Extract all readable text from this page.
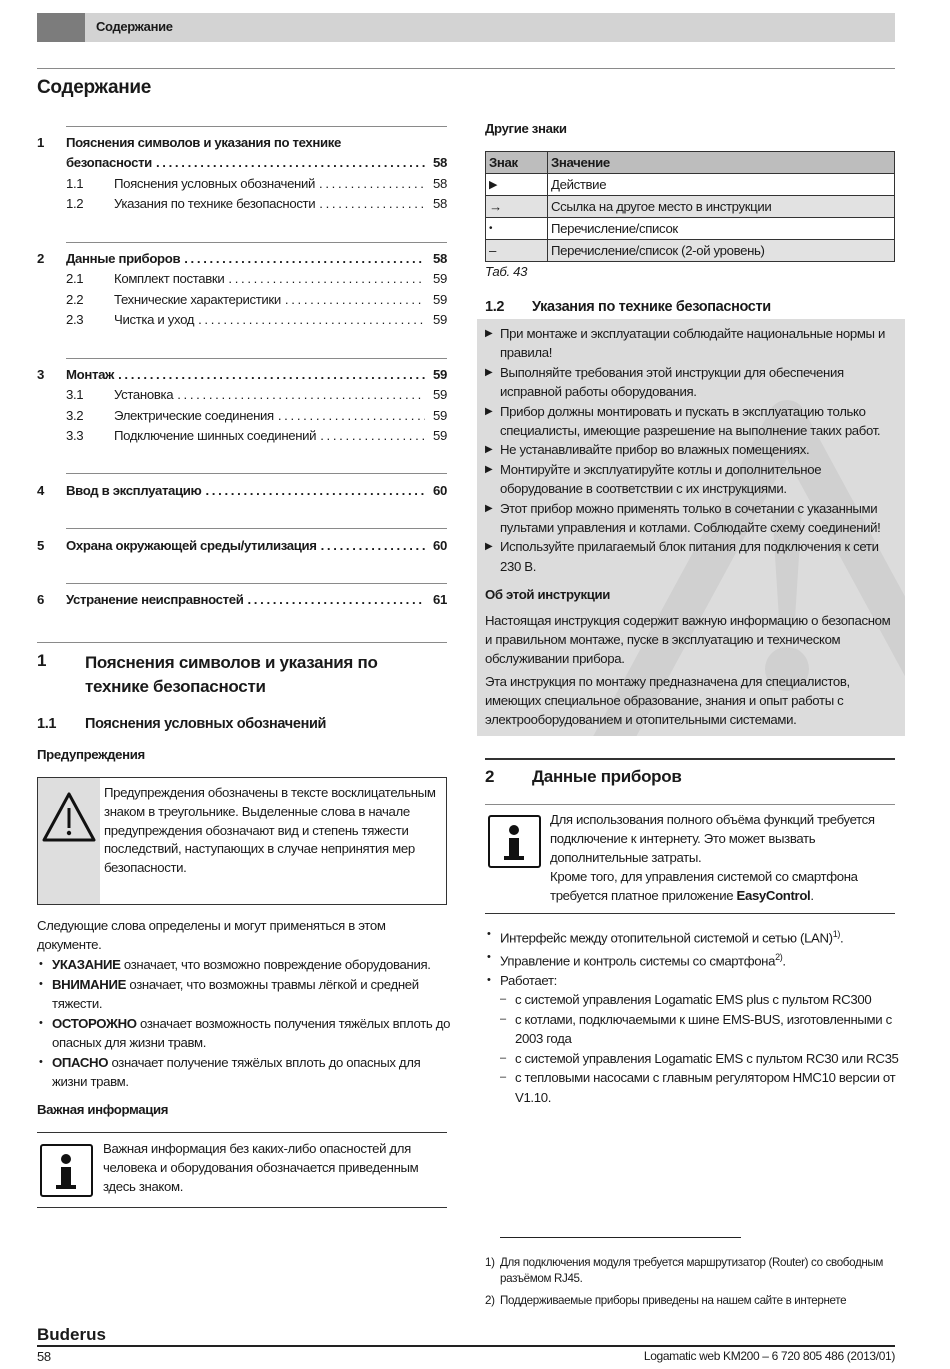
Содержание
Содержание
1 Пояснения символов и указания по технике
безопасности . . .	58
1.1	Пояснения условных обозначений . . .	58
1.2	Указания по технике безопасности . . .	58
2 Данные приборов . . .	58
2.1	Комплект поставки . . .	59
2.2	Технические характеристики . . .	59
2.3	Чистка и уход . . .	59
3 Монтаж . . .	59
3.1	Установка . . .	59
3.2	Электрические соединения . . .	59
3.3	Подключение шинных соединений . . .	59
4 Ввод в эксплуатацию . . .	60
5 Охрана окружающей среды/утилизация . . .	60
6 Устранение неисправностей . . .	61
1 Пояснения символов и указания по
технике безопасности
1.1 Пояснения условных обозначений
Предупреждения
Предупреждения обозначены в тексте восклицательным знаком в треугольнике. Выделенные слова в начале предупреждения обозначают вид и степень тяжести последствий, наступающих в случае непринятия мер безопасности.
Следующие слова определены и могут применяться в этом документе.
• УКАЗАНИЕ означает, что возможно повреждение оборудования.
• ВНИМАНИЕ означает, что возможны травмы лёгкой и средней тяжести.
• ОСТОРОЖНО означает возможность получения тяжёлых вплоть до опасных для жизни травм.
• ОПАСНО означает получение тяжёлых вплоть до опасных для жизни травм.
Важная информация
Важная информация без каких-либо опасностей для человека и оборудования обозначается приведенным здесь знаком.
Другие знаки
Знак	Значение
▶	Действие
→	Ссылка на другое место в инструкции
•	Перечисление/список
–	Перечисление/список (2-ой уровень)
Таб. 43
1.2 Указания по технике безопасности
▶ При монтаже и эксплуатации соблюдайте национальные нормы и правила!
▶ Выполняйте требования этой инструкции для обеспечения исправной работы оборудования.
▶ Прибор должны монтировать и пускать в эксплуатацию только специалисты, имеющие разрешение на выполнение таких работ.
▶ Не устанавливайте прибор во влажных помещениях.
▶ Монтируйте и эксплуатируйте котлы и дополнительное оборудование в соответствии с их инструкциями.
▶ Этот прибор можно применять только в сочетании с указанными пультами управления и котлами. Соблюдайте схему соединений!
▶ Используйте прилагаемый блок питания для подключения к сети 230 В.
Об этой инструкции
Настоящая инструкция содержит важную информацию о безопасном и правильном монтаже, пуске в эксплуатацию и техническом обслуживании прибора.
Эта инструкция по монтажу предназначена для специалистов, имеющих специальное образование, знания и опыт работы с электрооборудованием и отопительными системами.
2 Данные приборов
Для использования полного объёма функций требуется подключение к интернету. Это может вызвать дополнительные затраты.
Кроме того, для управления системой со смартфона требуется платное приложение EasyControl.
• Интерфейс между отопительной системой и сетью (LAN)$^{1)}$.
• Управление и контроль системы со смартфона$^{2)}$.
• Работает:
– с системой управления Logamatic EMS plus с пультом RC300
– с котлами, подключаемыми к шине EMS-BUS, изготовленными с 2003 года
– с системой управления Logamatic EMS с пультом RC30 или RC35
– с тепловыми насосами с главным регулятором HMC10 версии от V1.10.
1) Для подключения модуля требуется маршрутизатор (Router) со свободным разъёмом RJ45.
2) Поддерживаемые приборы приведены на нашем сайте в интернете
Buderus
58	Logamatic web KM200 – 6 720 805 486 (2013/01)
